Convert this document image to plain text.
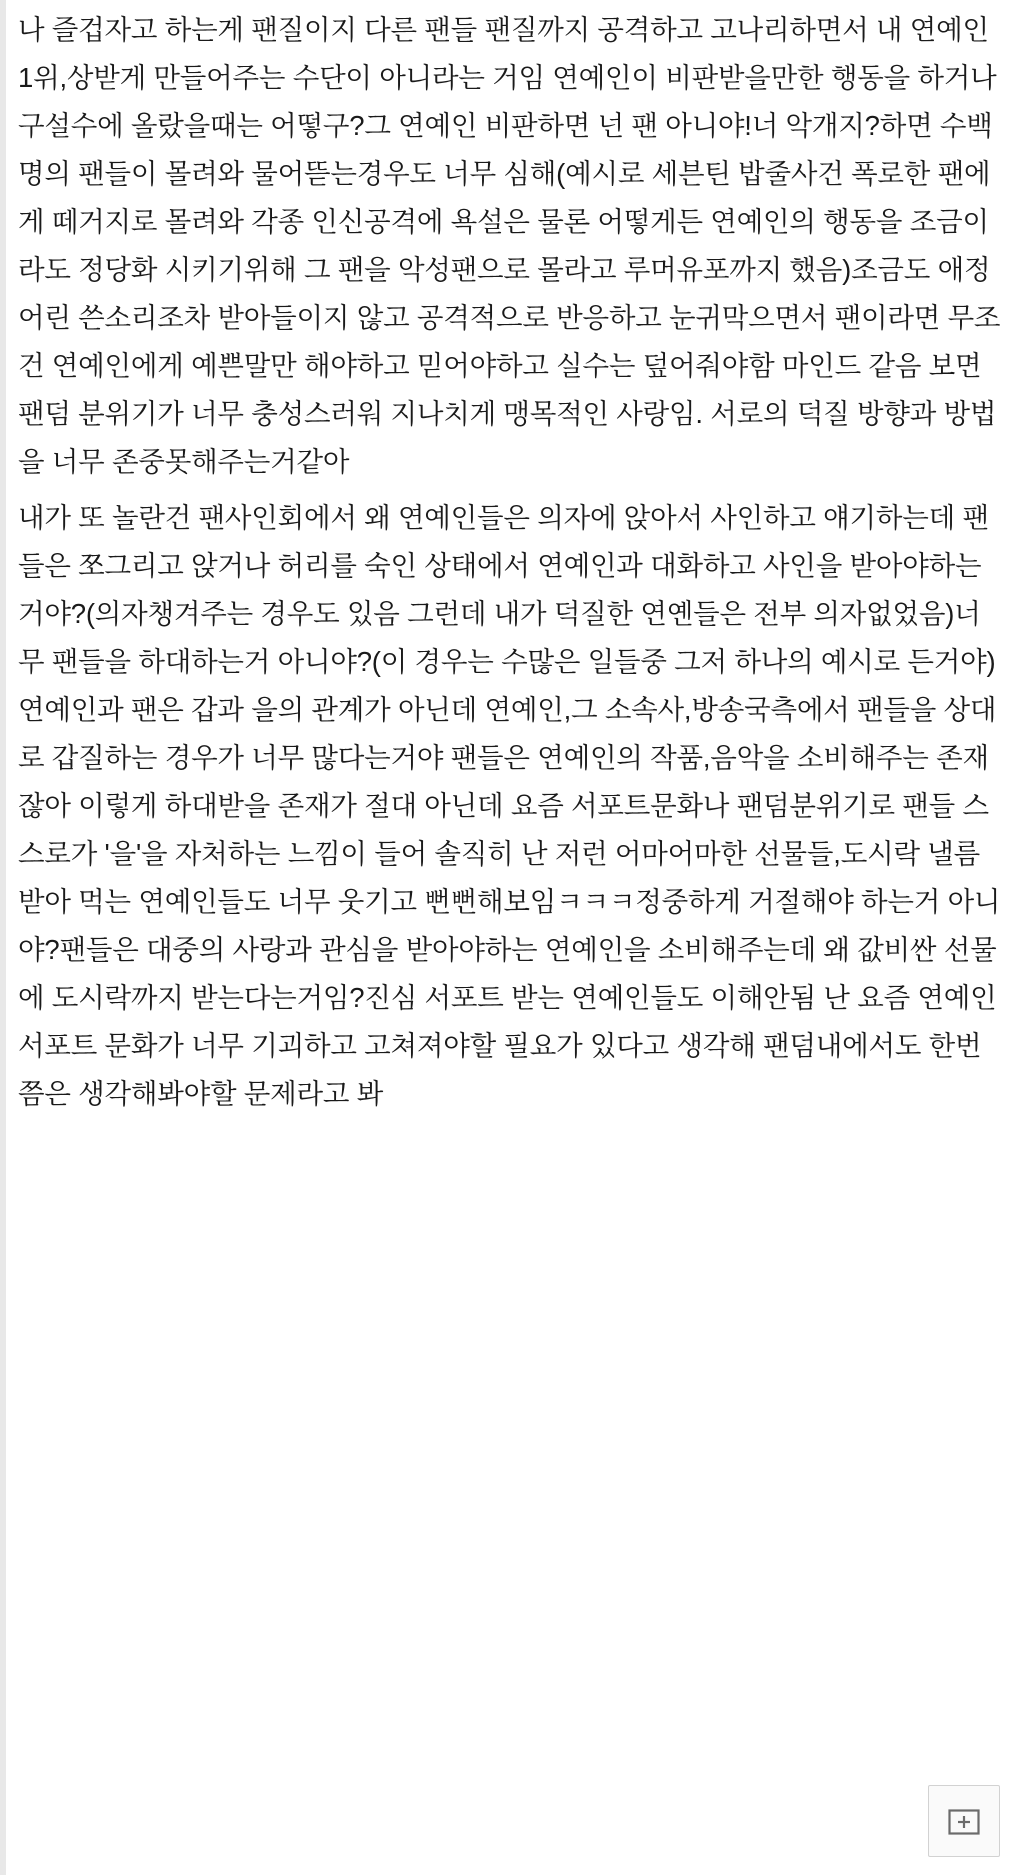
나 즐겁자고 하는게 팬질이지 다른 팬들 팬질까지 공격하고 고나리하면서 내 연예인 1위,상받게 만들어주는 수단이 아니라는 거임 연예인이 비판받을만한 행동을 하거나 구설수에 올랐을때는 어떻구?그 연예인 비판하면 넌 팬 아니야!너 악개지?하면 수백명의 팬들이 몰려와 물어뜯는경우도 너무 심해(예시로 세븐틴 밥줄사건 폭로한 팬에게 떼거지로 몰려와 각종 인신공격에 욕설은 물론 어떻게든 연예인의 행동을 조금이라도 정당화 시키기위해 그 팬을 악성팬으로 몰라고 루머유포까지 했음)조금도 애정어린 쓴소리조차 받아들이지 않고 공격적으로 반응하고 눈귀막으면서 팬이라면 무조건 연예인에게 예쁜말만 해야하고 믿어야하고 실수는 덮어줘야함 마인드 같음 보면 팬덤 분위기가 너무 충성스러워 지나치게 맹목적인 사랑임. 서로의 덕질 방향과 방법을 너무 존중못해주는거같아

내가 또 놀란건 팬사인회에서 왜 연예인들은 의자에 앉아서 사인하고 얘기하는데 팬들은 쪼그리고 앉거나 허리를 숙인 상태에서 연예인과 대화하고 사인을 받아야하는거야?(의자챙겨주는 경우도 있음 그런데 내가 덕질한 연옌들은 전부 의자없었음)너무 팬들을 하대하는거 아니야?(이 경우는 수많은 일들중 그저 하나의 예시로 든거야) 연예인과 팬은 갑과 을의 관계가 아닌데 연예인,그 소속사,방송국측에서 팬들을 상대로 갑질하는 경우가 너무 많다는거야 팬들은 연예인의 작품,음악을 소비해주는 존재잖아 이렇게 하대받을 존재가 절대 아닌데 요즘 서포트문화나 팬덤분위기로 팬들 스스로가 '을'을 자처하는 느낌이 들어 솔직히 난 저런 어마어마한 선물들,도시락 낼름 받아 먹는 연예인들도 너무 웃기고 뻔뻔해보임ㅋㅋㅋ정중하게 거절해야 하는거 아니야?팬들은 대중의 사랑과 관심을 받아야하는 연예인을 소비해주는데 왜 값비싼 선물에 도시락까지 받는다는거임?진심 서포트 받는 연예인들도 이해안됨 난 요즘 연예인 서포트 문화가 너무 기괴하고 고쳐져야할 필요가 있다고 생각해 팬덤내에서도 한번쯤은 생각해봐야할 문제라고 봐
